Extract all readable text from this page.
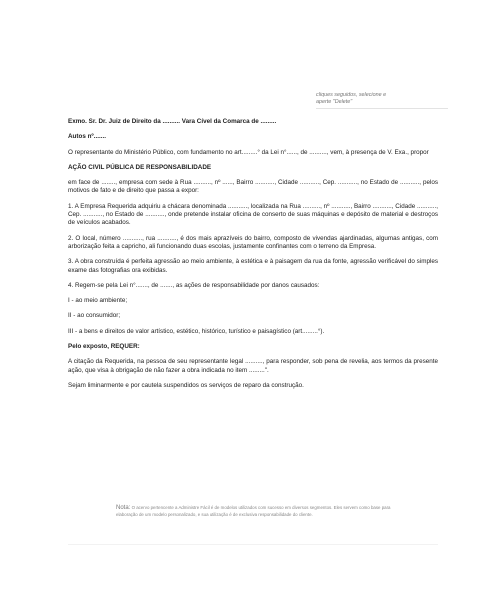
cliques seguidos, selecione e
aperte "Delete"
Exmo. Sr. Dr. Juiz de Direito da .......... Vara Cível da Comarca de .........
Autos nº.......
O representante do Ministério Público, com fundamento no art.........° da Lei n°......, de .........., vem, à presença de V. Exa., propor
AÇÃO CIVIL PÚBLICA DE RESPONSABILIDADE
em face de ........, empresa com sede à Rua .........., nº ......, Bairro ..........., Cidade ..........., Cep. ..........., no Estado de ..........., pelos motivos de fato e de direito que passa a expor:
1. A Empresa Requerida adquiriu a chácara denominada ..........., localizada na Rua .........., nº ..........., Bairro ..........., Cidade ..........., Cep. ..........., no Estado de ..........., onde pretende instalar oficina de conserto de suas máquinas e depósito de material e destroços de veículos acabados.
2. O local, número ..........., rua ..........., é dos mais aprazíveis do bairro, composto de vivendas ajardinadas, algumas antigas, com arborização feita a capricho, ali funcionando duas escolas, justamente confinantes com o terreno da Empresa.
3. A obra construída é perfeita agressão ao meio ambiente, à estética e à paisagem da rua da fonte, agressão verificável do simples exame das fotografias ora exibidas.
4. Regem-se pela Lei n°......., de ......., as ações de responsabilidade por danos causados:
I - ao meio ambiente;
II - ao consumidor;
III - a bens e direitos de valor artístico, estético, histórico, turístico e paisagístico (art.........°).
Pelo exposto, REQUER:
A citação da Requerida, na pessoa de seu representante legal .........., para responder, sob pena de revelia, aos termos da presente ação, que visa à obrigação de não fazer a obra indicada no item .........".
Sejam liminarmente e por cautela suspendidos os serviços de reparo da construção.
Nota: O acervo pertencente a Administre Fácil é de modelos utilizados com sucesso em diversos segmentos. Eles servem como base para elaboração de um modelo personalizado, e sua utilização é de exclusiva responsabilidade do cliente.
